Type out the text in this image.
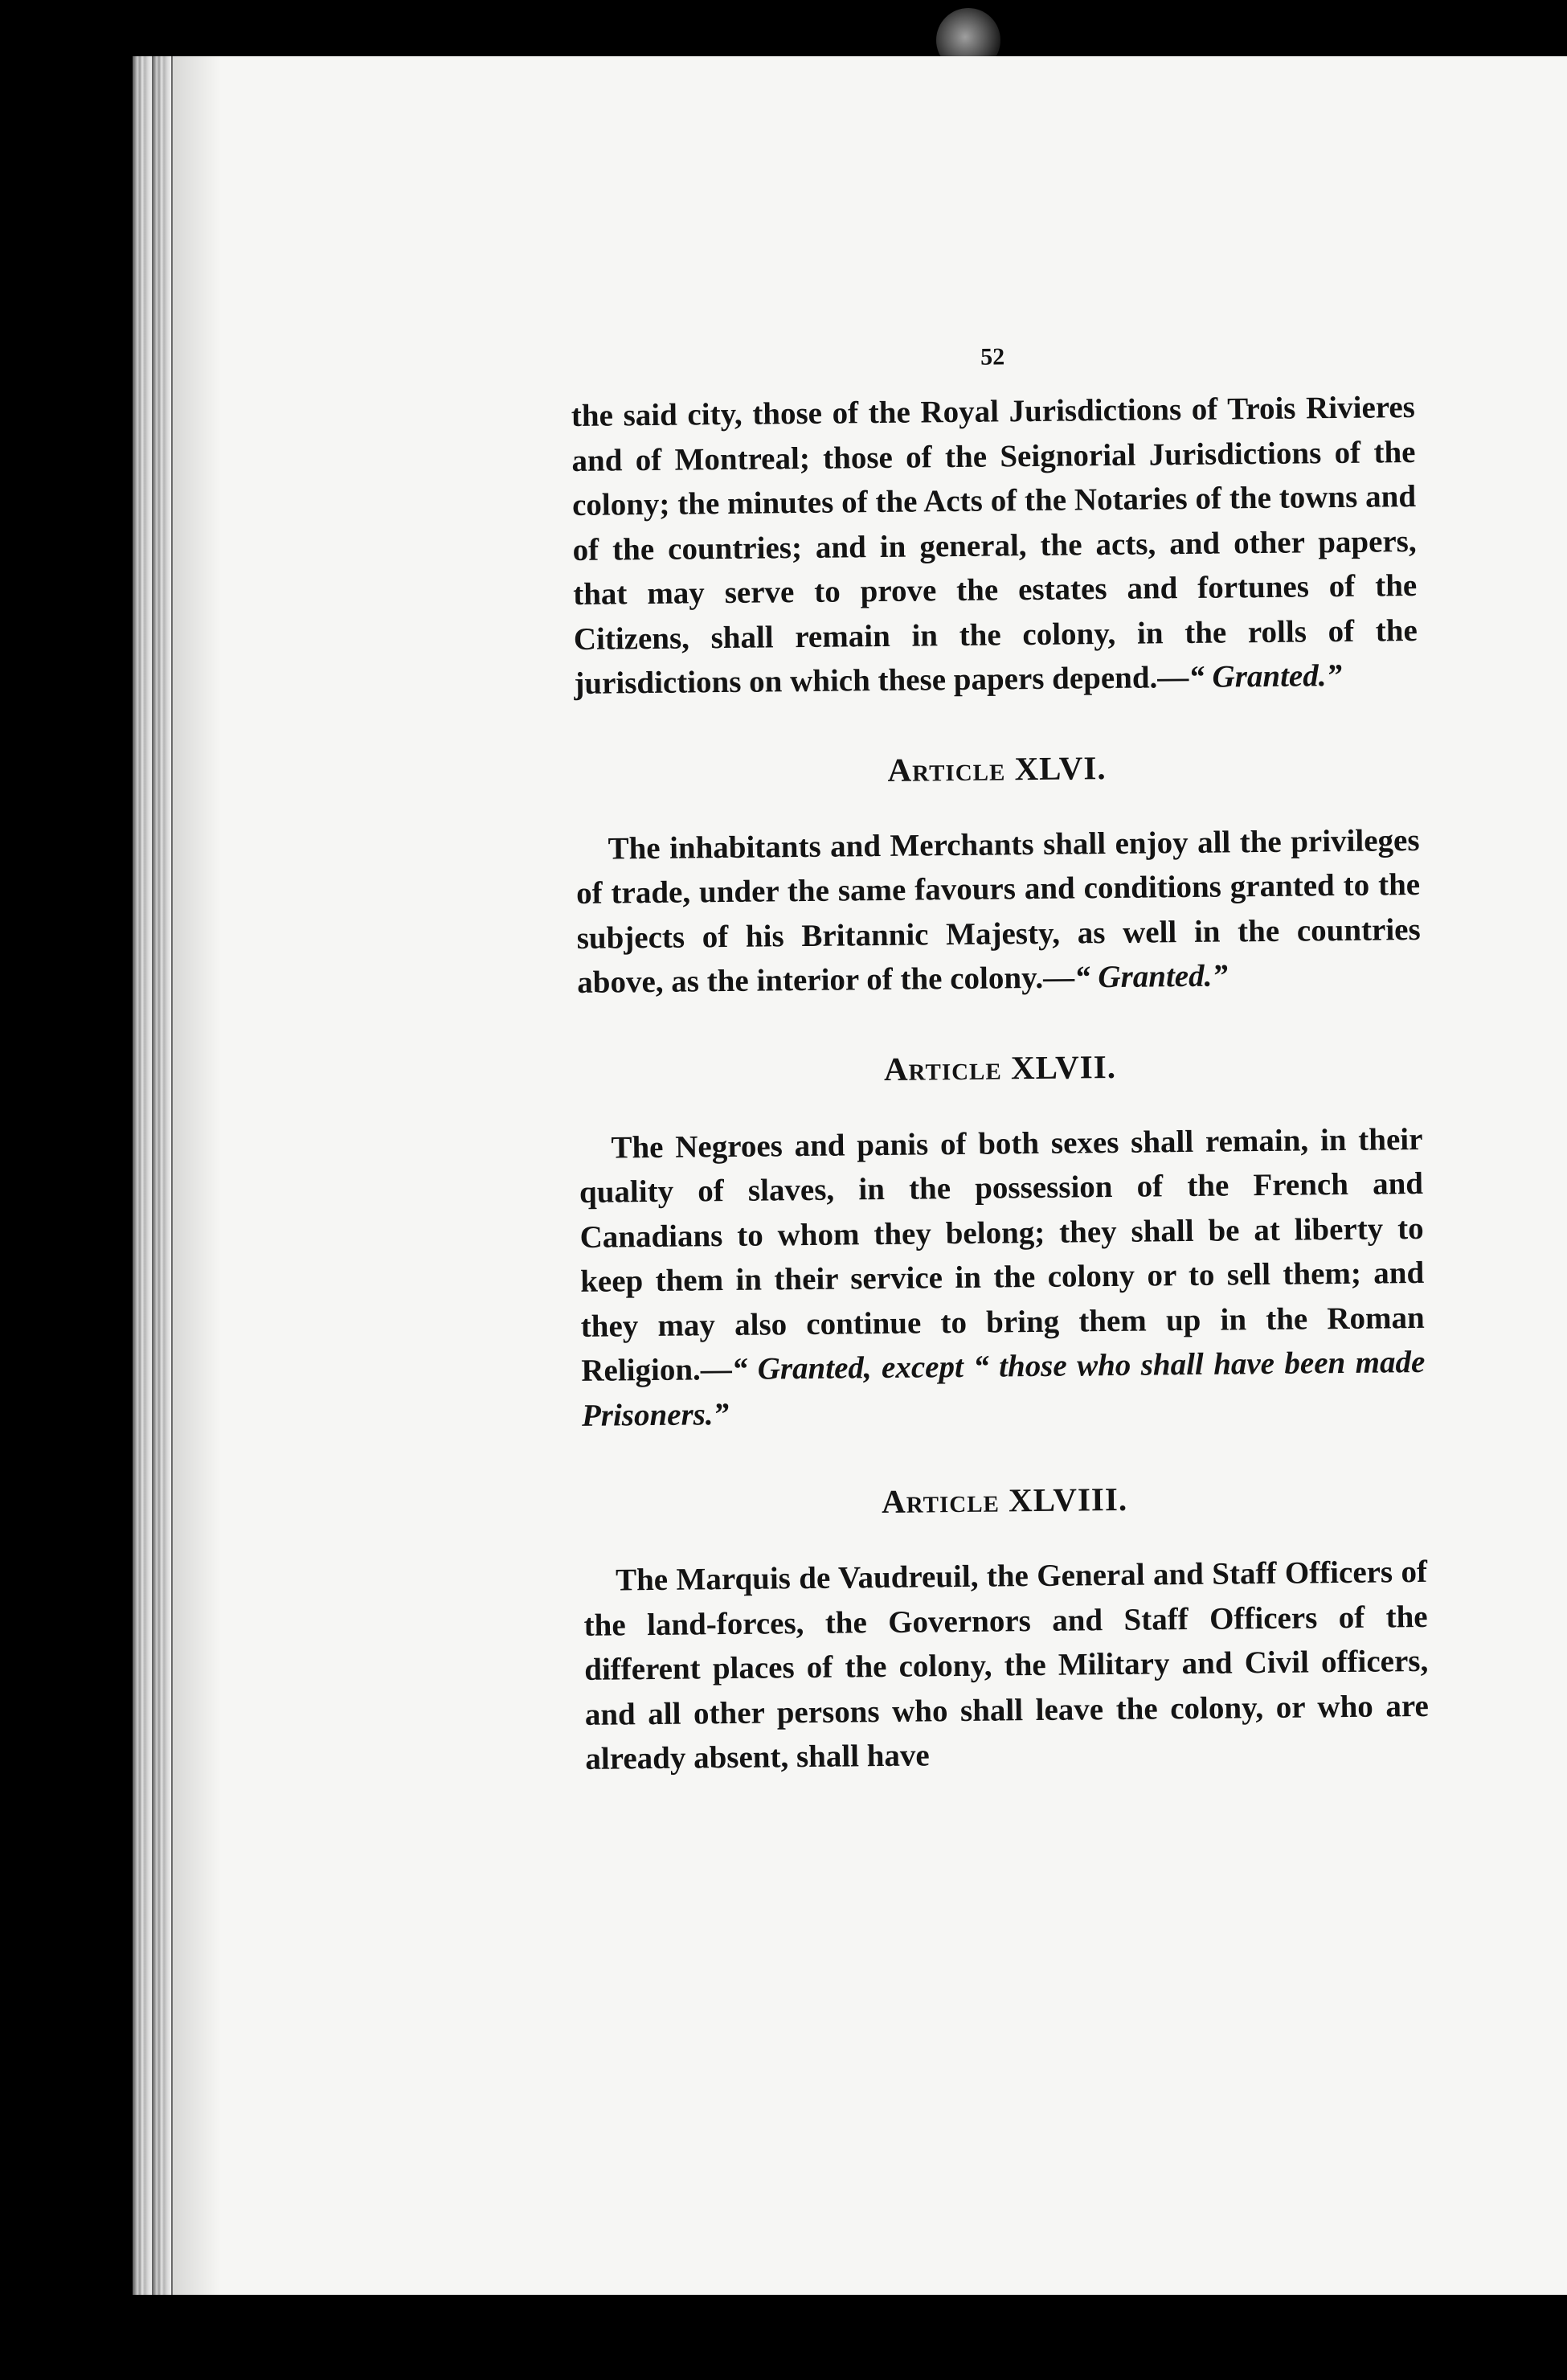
52

the said city, those of the Royal Jurisdictions of Trois Rivieres and of Montreal; those of the Seignorial Jurisdictions of the colony; the minutes of the Acts of the Notaries of the towns and of the countries; and in general, the acts, and other papers, that may serve to prove the estates and fortunes of the Citizens, shall remain in the colony, in the rolls of the jurisdictions on which these papers depend.—“ Granted.”

Article XLVI.

The inhabitants and Merchants shall enjoy all the privileges of trade, under the same favours and conditions granted to the subjects of his Britannic Majesty, as well in the countries above, as the interior of the colony.—“ Granted.”

Article XLVII.

The Negroes and panis of both sexes shall remain, in their quality of slaves, in the possession of the French and Canadians to whom they belong; they shall be at liberty to keep them in their service in the colony or to sell them; and they may also continue to bring them up in the Roman Religion.—“ Granted, except “ those who shall have been made Prisoners.”

Article XLVIII.

The Marquis de Vaudreuil, the General and Staff Officers of the land-forces, the Governors and Staff Officers of the different places of the colony, the Military and Civil officers, and all other persons who shall leave the colony, or who are already absent, shall have
